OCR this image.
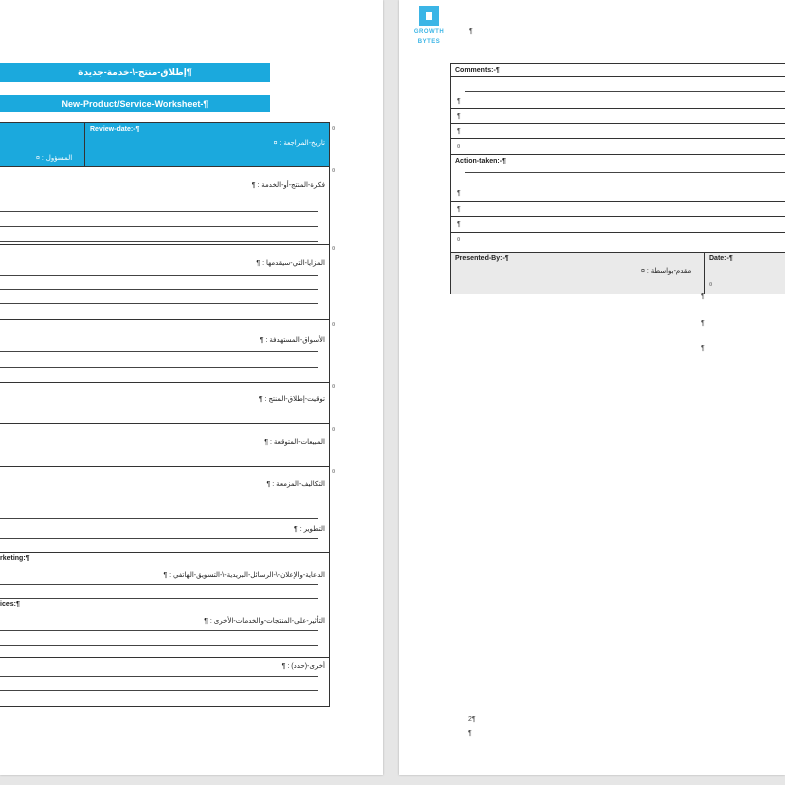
¶إطلاق-منتج-\-خدمة-جديدة
New-Product/Service-Worksheet-¶
Review-date:-¶
تاريخ-المراجعة : ¤
المسؤول : ¤
فكرة-المنتج-أو-الخدمة : ¶
المزايا-التي-سيقدمها : ¶
الأسواق-المستهدفة : ¶
توقيت-إطلاق-المنتج : ¶
المبيعات-المتوقعة : ¶
التكاليف-المزمعة : ¶
التطوير : ¶
rketing:¶
الدعاية-والإعلان-\-الرسائل-البريدية-\-التسويق-الهاتفي : ¶
ices:¶
التأثير-على-المنتجات-والخدمات-الأخرى : ¶
أخرى-(حدد) : ¶
¤
¤
¤
¤
¤
¤
¤
GROWTH
BYTES
¶
Comments:-¶
¶
¶
¶
¤
Action-taken:-¶
¶
¶
¶
¤
Presented-By:-¶
مقدم-بواسطة : ¤
Date:-¶
¤
¶
¶
¶
2¶
¶
